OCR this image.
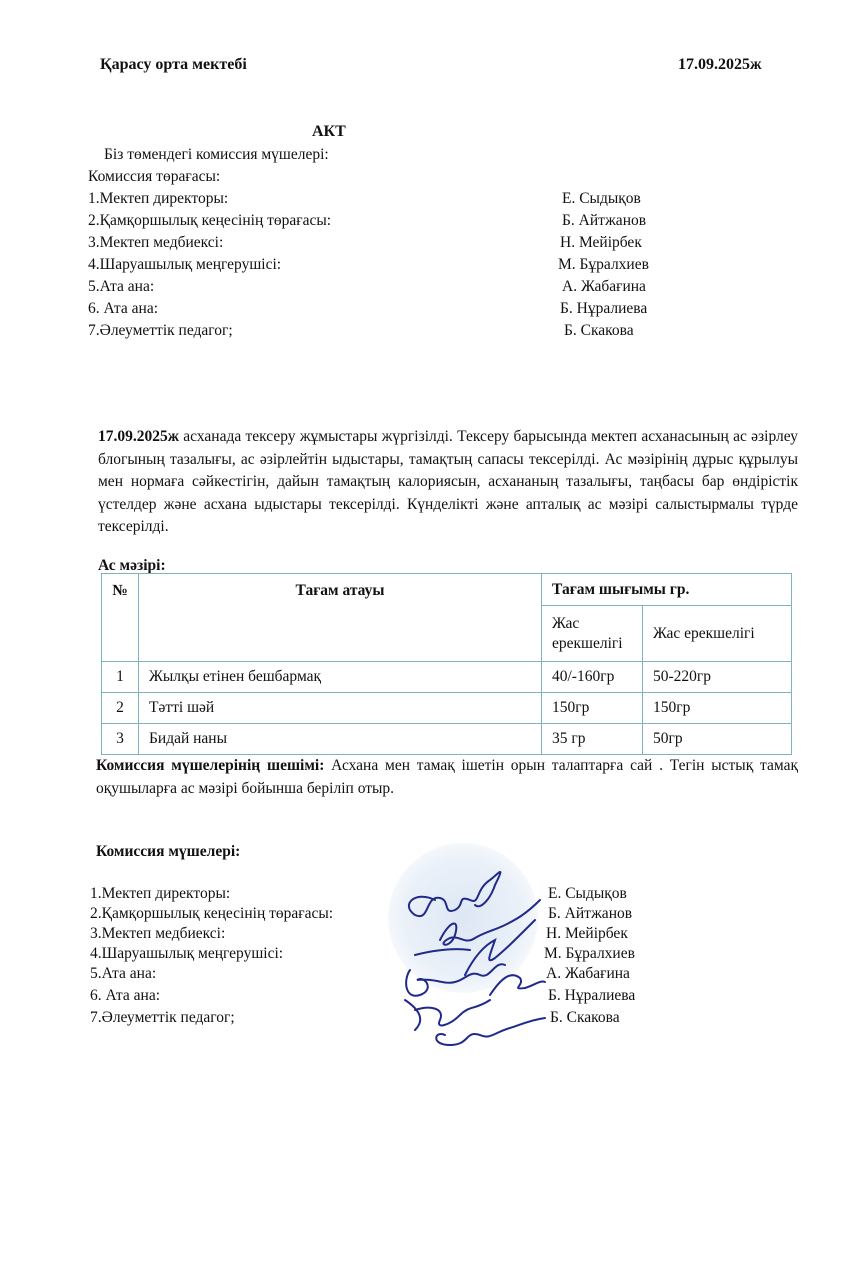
Қарасу орта мектебі	17.09.2025ж
АКТ
Біз төмендегі комиссия мүшелері:
Комиссия төрағасы:
1.Мектеп директоры:	Е. Сыдықов
2.Қамқоршылық кеңесінің төрағасы:	Б. Айтжанов
3.Мектеп медбиексі:	Н. Мейірбек
4.Шаруашылық меңгерушісі:	М. Бұралхиев
5.Ата ана:	А. Жабағина
6. Ата ана:	Б. Нұралиева
7.Әлеуметтік педагог;	Б. Скакова
17.09.2025ж асханада тексеру жұмыстары жүргізілді. Тексеру барысында мектеп асханасының ас әзірлеу блогының тазалығы, ас әзірлейтін ыдыстары, тамақтың сапасы тексерілді. Ас мәзірінің дұрыс құрылуы мен нормаға сәйкестігін, дайын тамақтың калориясын, асхананың тазалығы, таңбасы бар өндірістік үстелдер және асхана ыдыстары тексерілді. Күнделікті және апталық ас мәзірі салыстырмалы түрде тексерілді.
Ас мәзірі:
№	Тағам атауы	Тағам шығымы гр.	
		Жас ерекшелігі	Жас ерекшелігі
1	Жылқы етінен бешбармақ	40/-160гр	50-220гр
2	Тәтті шәй	150гр	150гр
3	Бидай наны	35 гр	50гр
Комиссия мүшелерінің шешімі: Асхана мен тамақ ішетін орын талаптарға сай . Тегін ыстық тамақ оқушыларға ас мәзірі бойынша беріліп отыр.
Комиссия мүшелері:
1.Мектеп директоры:	Е. Сыдықов
2.Қамқоршылық кеңесінің төрағасы:	Б. Айтжанов
3.Мектеп медбиексі:	Н. Мейірбек
4.Шаруашылық меңгерушісі:	М. Бұралхиев
5.Ата ана:	А. Жабағина
6. Ата ана:	Б. Нұралиева
7.Әлеуметтік педагог;	Б. Скакова
